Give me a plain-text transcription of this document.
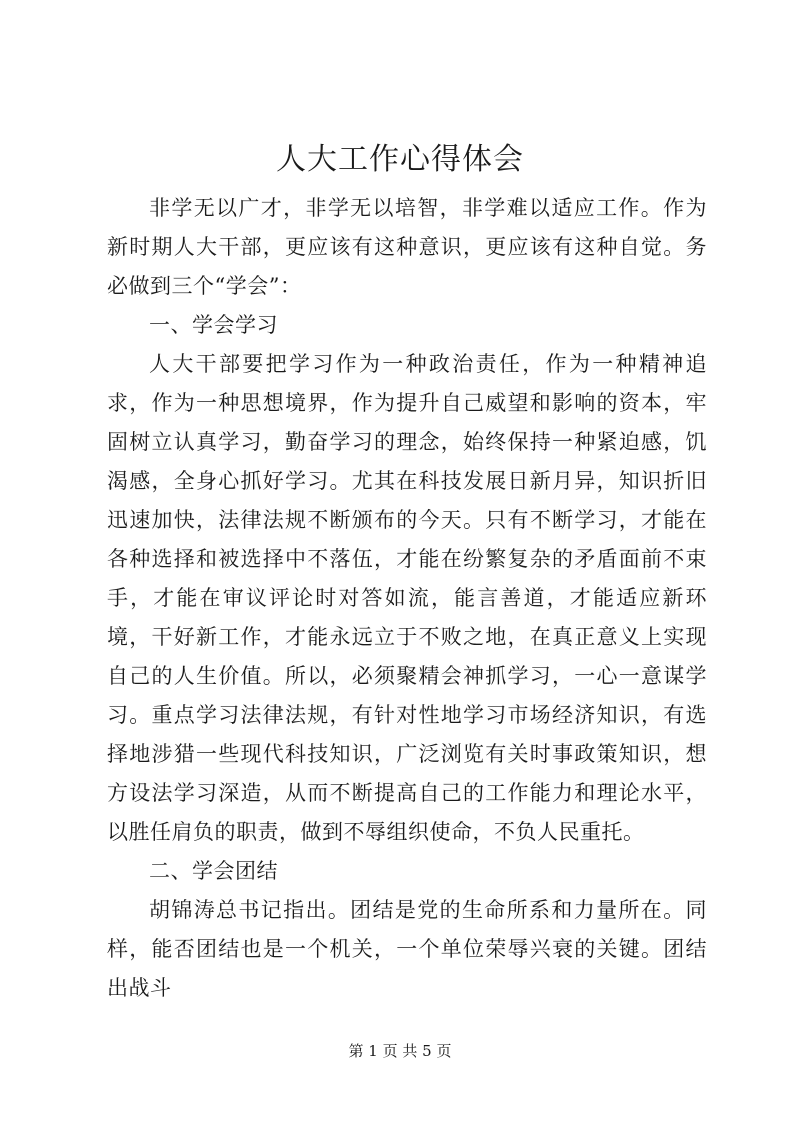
人大工作心得体会

非学无以广才，非学无以培智，非学难以适应工作。作为新时期人大干部，更应该有这种意识，更应该有这种自觉。务必做到三个“学会”：

一、学会学习

人大干部要把学习作为一种政治责任，作为一种精神追求，作为一种思想境界，作为提升自己威望和影响的资本，牢固树立认真学习，勤奋学习的理念，始终保持一种紧迫感，饥渴感，全身心抓好学习。尤其在科技发展日新月异，知识折旧迅速加快，法律法规不断颁布的今天。只有不断学习，才能在各种选择和被选择中不落伍，才能在纷繁复杂的矛盾面前不束手，才能在审议评论时对答如流，能言善道，才能适应新环境，干好新工作，才能永远立于不败之地，在真正意义上实现自己的人生价值。所以，必须聚精会神抓学习，一心一意谋学习。重点学习法律法规，有针对性地学习市场经济知识，有选择地涉猎一些现代科技知识，广泛浏览有关时事政策知识，想方设法学习深造，从而不断提高自己的工作能力和理论水平，以胜任肩负的职责，做到不辱组织使命，不负人民重托。

二、学会团结

胡锦涛总书记指出。团结是党的生命所系和力量所在。同样，能否团结也是一个机关，一个单位荣辱兴衰的关键。团结出战斗

第 1 页 共 5 页
